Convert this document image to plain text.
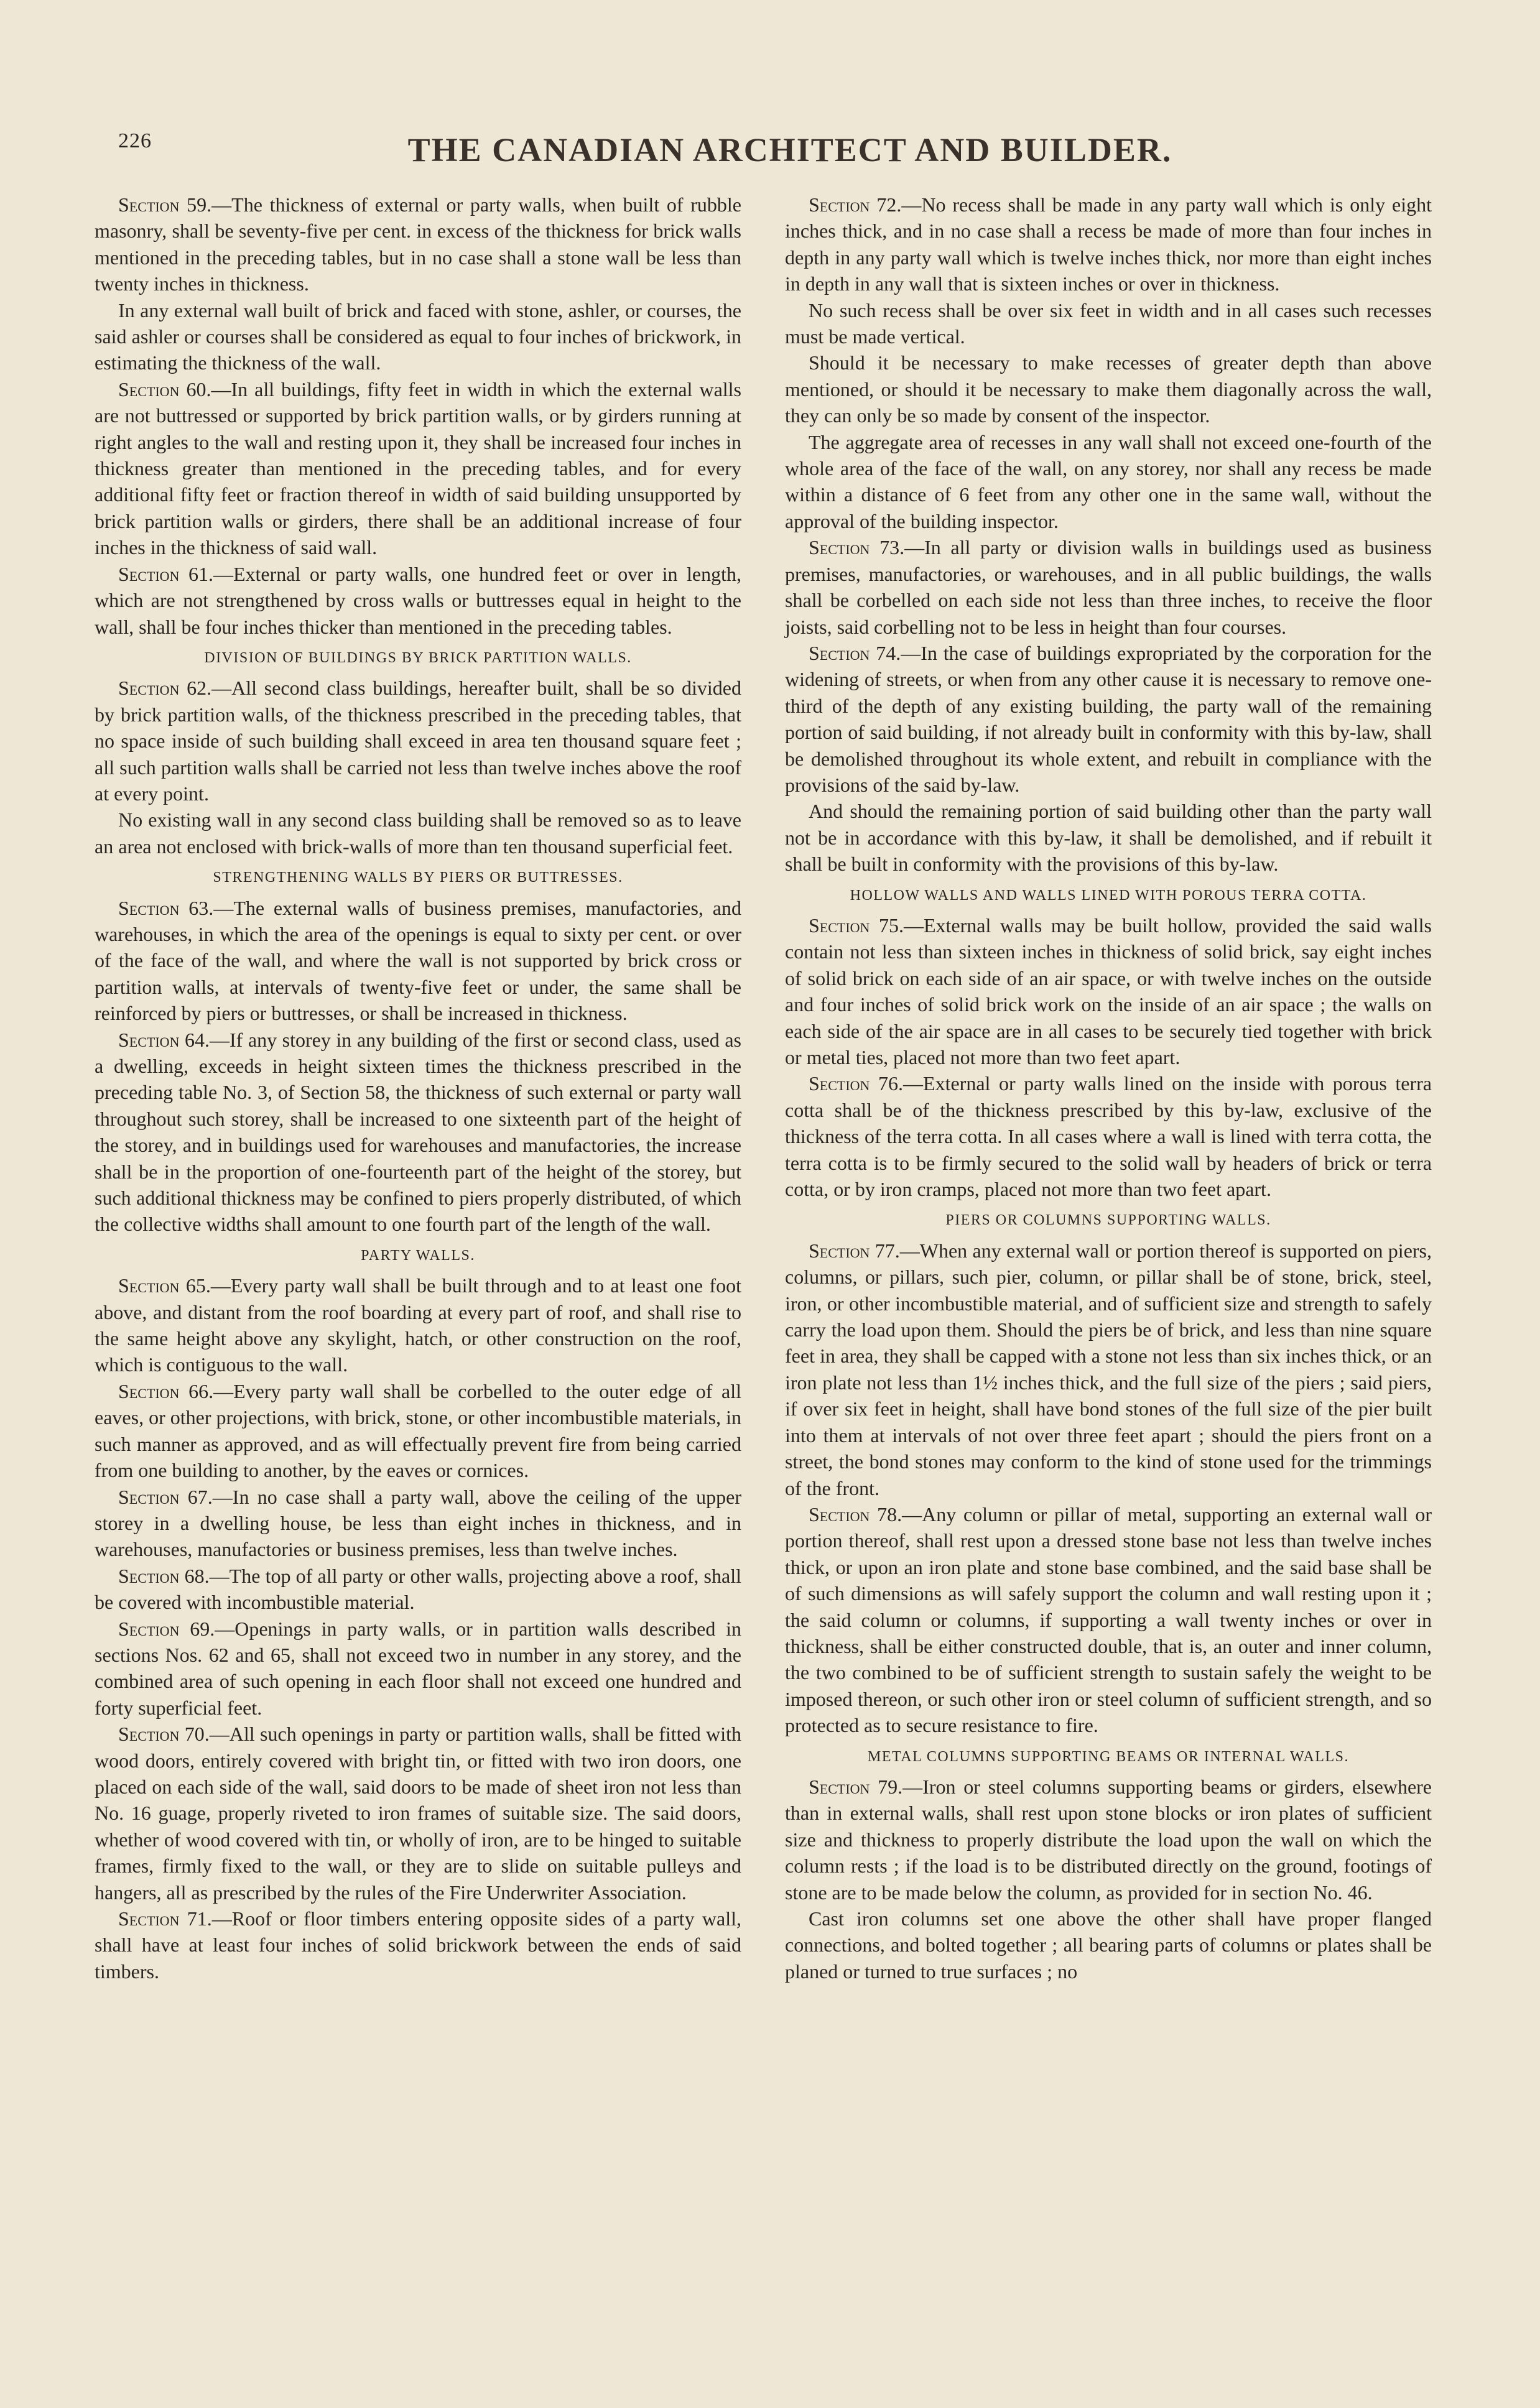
226	THE CANADIAN ARCHITECT AND BUILDER.

Section 59.—The thickness of external or party walls, when built of rubble masonry, shall be seventy-five per cent. in excess of the thickness for brick walls mentioned in the preceding tables, but in no case shall a stone wall be less than twenty inches in thickness.

In any external wall built of brick and faced with stone, ashler, or courses, the said ashler or courses shall be considered as equal to four inches of brickwork, in estimating the thickness of the wall.

Section 60.—In all buildings, fifty feet in width in which the external walls are not buttressed or supported by brick partition walls, or by girders running at right angles to the wall and resting upon it, they shall be increased four inches in thickness greater than mentioned in the preceding tables, and for every additional fifty feet or fraction thereof in width of said building unsupported by brick partition walls or girders, there shall be an additional increase of four inches in the thickness of said wall.

Section 61.—External or party walls, one hundred feet or over in length, which are not strengthened by cross walls or buttresses equal in height to the wall, shall be four inches thicker than mentioned in the preceding tables.

DIVISION OF BUILDINGS BY BRICK PARTITION WALLS.

Section 62.—All second class buildings, hereafter built, shall be so divided by brick partition walls, of the thickness prescribed in the preceding tables, that no space inside of such building shall exceed in area ten thousand square feet ; all such partition walls shall be carried not less than twelve inches above the roof at every point.

No existing wall in any second class building shall be removed so as to leave an area not enclosed with brick-walls of more than ten thousand superficial feet.

STRENGTHENING WALLS BY PIERS OR BUTTRESSES.

Section 63.—The external walls of business premises, manufactories, and warehouses, in which the area of the openings is equal to sixty per cent. or over of the face of the wall, and where the wall is not supported by brick cross or partition walls, at intervals of twenty-five feet or under, the same shall be reinforced by piers or buttresses, or shall be increased in thickness.

Section 64.—If any storey in any building of the first or second class, used as a dwelling, exceeds in height sixteen times the thickness prescribed in the preceding table No. 3, of Section 58, the thickness of such external or party wall throughout such storey, shall be increased to one sixteenth part of the height of the storey, and in buildings used for warehouses and manufactories, the increase shall be in the proportion of one-fourteenth part of the height of the storey, but such additional thickness may be confined to piers properly distributed, of which the collective widths shall amount to one fourth part of the length of the wall.

PARTY WALLS.

Section 65.—Every party wall shall be built through and to at least one foot above, and distant from the roof boarding at every part of roof, and shall rise to the same height above any skylight, hatch, or other construction on the roof, which is contiguous to the wall.

Section 66.—Every party wall shall be corbelled to the outer edge of all eaves, or other projections, with brick, stone, or other incombustible materials, in such manner as approved, and as will effectually prevent fire from being carried from one building to another, by the eaves or cornices.

Section 67.—In no case shall a party wall, above the ceiling of the upper storey in a dwelling house, be less than eight inches in thickness, and in warehouses, manufactories or business premises, less than twelve inches.

Section 68.—The top of all party or other walls, projecting above a roof, shall be covered with incombustible material.

Section 69.—Openings in party walls, or in partition walls described in sections Nos. 62 and 65, shall not exceed two in number in any storey, and the combined area of such opening in each floor shall not exceed one hundred and forty superficial feet.

Section 70.—All such openings in party or partition walls, shall be fitted with wood doors, entirely covered with bright tin, or fitted with two iron doors, one placed on each side of the wall, said doors to be made of sheet iron not less than No. 16 guage, properly riveted to iron frames of suitable size. The said doors, whether of wood covered with tin, or wholly of iron, are to be hinged to suitable frames, firmly fixed to the wall, or they are to slide on suitable pulleys and hangers, all as prescribed by the rules of the Fire Underwriter Association.

Section 71.—Roof or floor timbers entering opposite sides of a party wall, shall have at least four inches of solid brickwork between the ends of said timbers.

Section 72.—No recess shall be made in any party wall which is only eight inches thick, and in no case shall a recess be made of more than four inches in depth in any party wall which is twelve inches thick, nor more than eight inches in depth in any wall that is sixteen inches or over in thickness.

No such recess shall be over six feet in width and in all cases such recesses must be made vertical.

Should it be necessary to make recesses of greater depth than above mentioned, or should it be necessary to make them diagonally across the wall, they can only be so made by consent of the inspector.

The aggregate area of recesses in any wall shall not exceed one-fourth of the whole area of the face of the wall, on any storey, nor shall any recess be made within a distance of 6 feet from any other one in the same wall, without the approval of the building inspector.

Section 73.—In all party or division walls in buildings used as business premises, manufactories, or warehouses, and in all public buildings, the walls shall be corbelled on each side not less than three inches, to receive the floor joists, said corbelling not to be less in height than four courses.

Section 74.—In the case of buildings expropriated by the corporation for the widening of streets, or when from any other cause it is necessary to remove one-third of the depth of any existing building, the party wall of the remaining portion of said building, if not already built in conformity with this by-law, shall be demolished throughout its whole extent, and rebuilt in compliance with the provisions of the said by-law.

And should the remaining portion of said building other than the party wall not be in accordance with this by-law, it shall be demolished, and if rebuilt it shall be built in conformity with the provisions of this by-law.

HOLLOW WALLS AND WALLS LINED WITH POROUS TERRA COTTA.

Section 75.—External walls may be built hollow, provided the said walls contain not less than sixteen inches in thickness of solid brick, say eight inches of solid brick on each side of an air space, or with twelve inches on the outside and four inches of solid brick work on the inside of an air space ; the walls on each side of the air space are in all cases to be securely tied together with brick or metal ties, placed not more than two feet apart.

Section 76.—External or party walls lined on the inside with porous terra cotta shall be of the thickness prescribed by this by-law, exclusive of the thickness of the terra cotta. In all cases where a wall is lined with terra cotta, the terra cotta is to be firmly secured to the solid wall by headers of brick or terra cotta, or by iron cramps, placed not more than two feet apart.

PIERS OR COLUMNS SUPPORTING WALLS.

Section 77.—When any external wall or portion thereof is supported on piers, columns, or pillars, such pier, column, or pillar shall be of stone, brick, steel, iron, or other incombustible material, and of sufficient size and strength to safely carry the load upon them. Should the piers be of brick, and less than nine square feet in area, they shall be capped with a stone not less than six inches thick, or an iron plate not less than 1½ inches thick, and the full size of the piers ; said piers, if over six feet in height, shall have bond stones of the full size of the pier built into them at intervals of not over three feet apart ; should the piers front on a street, the bond stones may conform to the kind of stone used for the trimmings of the front.

Section 78.—Any column or pillar of metal, supporting an external wall or portion thereof, shall rest upon a dressed stone base not less than twelve inches thick, or upon an iron plate and stone base combined, and the said base shall be of such dimensions as will safely support the column and wall resting upon it ; the said column or columns, if supporting a wall twenty inches or over in thickness, shall be either constructed double, that is, an outer and inner column, the two combined to be of sufficient strength to sustain safely the weight to be imposed thereon, or such other iron or steel column of sufficient strength, and so protected as to secure resistance to fire.

METAL COLUMNS SUPPORTING BEAMS OR INTERNAL WALLS.

Section 79.—Iron or steel columns supporting beams or girders, elsewhere than in external walls, shall rest upon stone blocks or iron plates of sufficient size and thickness to properly distribute the load upon the wall on which the column rests ; if the load is to be distributed directly on the ground, footings of stone are to be made below the column, as provided for in section No. 46.

Cast iron columns set one above the other shall have proper flanged connections, and bolted together ; all bearing parts of columns or plates shall be planed or turned to true surfaces ; no
